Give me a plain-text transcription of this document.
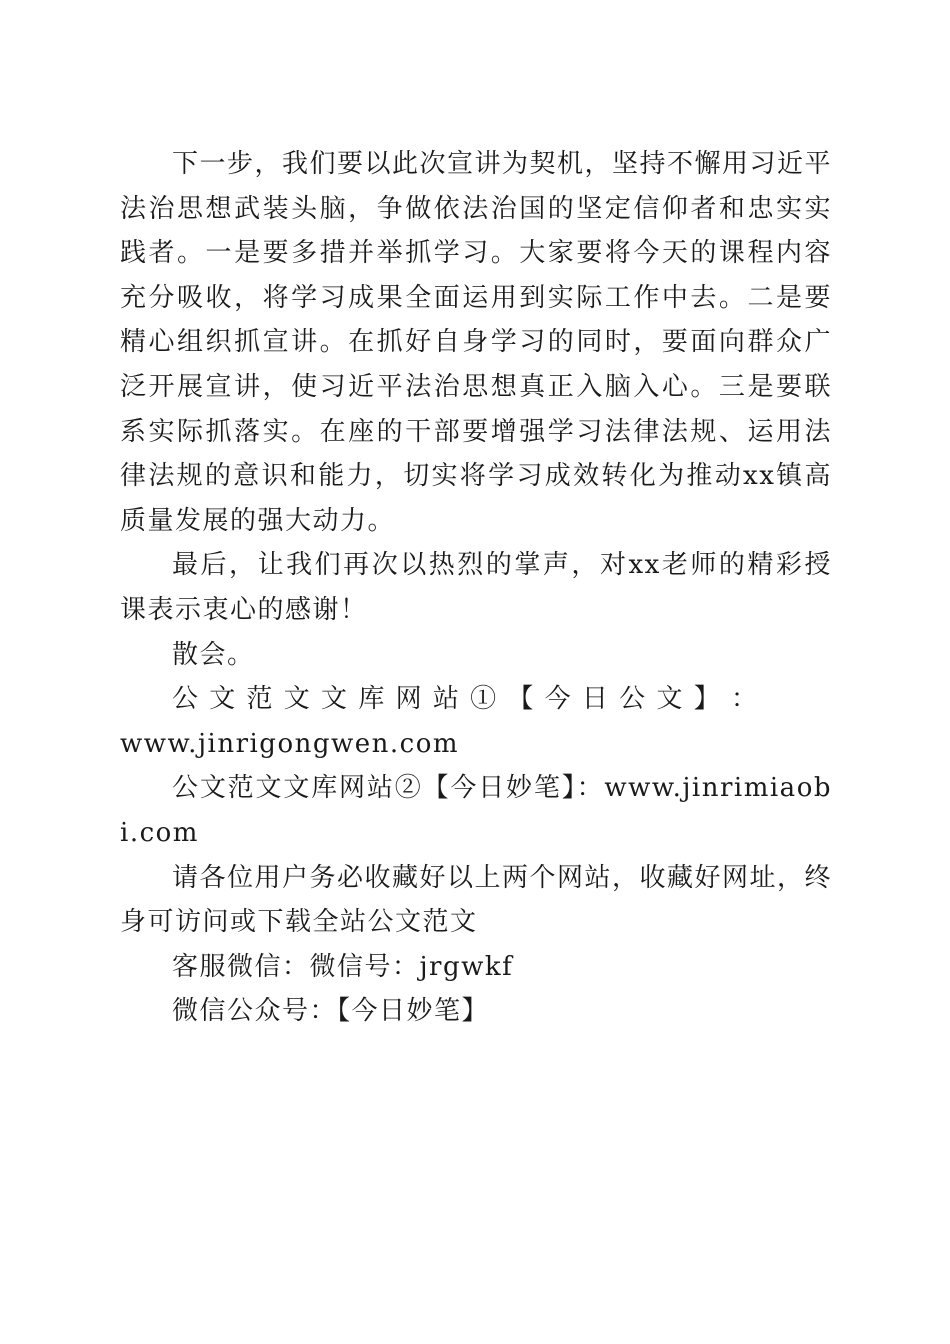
下一步，我们要以此次宣讲为契机，坚持不懈用习近平法治思想武装头脑，争做依法治国的坚定信仰者和忠实实践者。一是要多措并举抓学习。大家要将今天的课程内容充分吸收，将学习成果全面运用到实际工作中去。二是要精心组织抓宣讲。在抓好自身学习的同时，要面向群众广泛开展宣讲，使习近平法治思想真正入脑入心。三是要联系实际抓落实。在座的干部要增强学习法律法规、运用法律法规的意识和能力，切实将学习成效转化为推动xx镇高质量发展的强大动力。

最后，让我们再次以热烈的掌声，对xx老师的精彩授课表示衷心的感谢！

散会。

公 文 范 文 文 库 网 站 ① 【 今 日 公 文 】 ：
www.jinrigongwen.com

公文范文文库网站②【今日妙笔】：www.jinrimiaobi.com

请各位用户务必收藏好以上两个网站，收藏好网址，终身可访问或下载全站公文范文

客服微信：微信号：jrgwkf

微信公众号：【今日妙笔】
